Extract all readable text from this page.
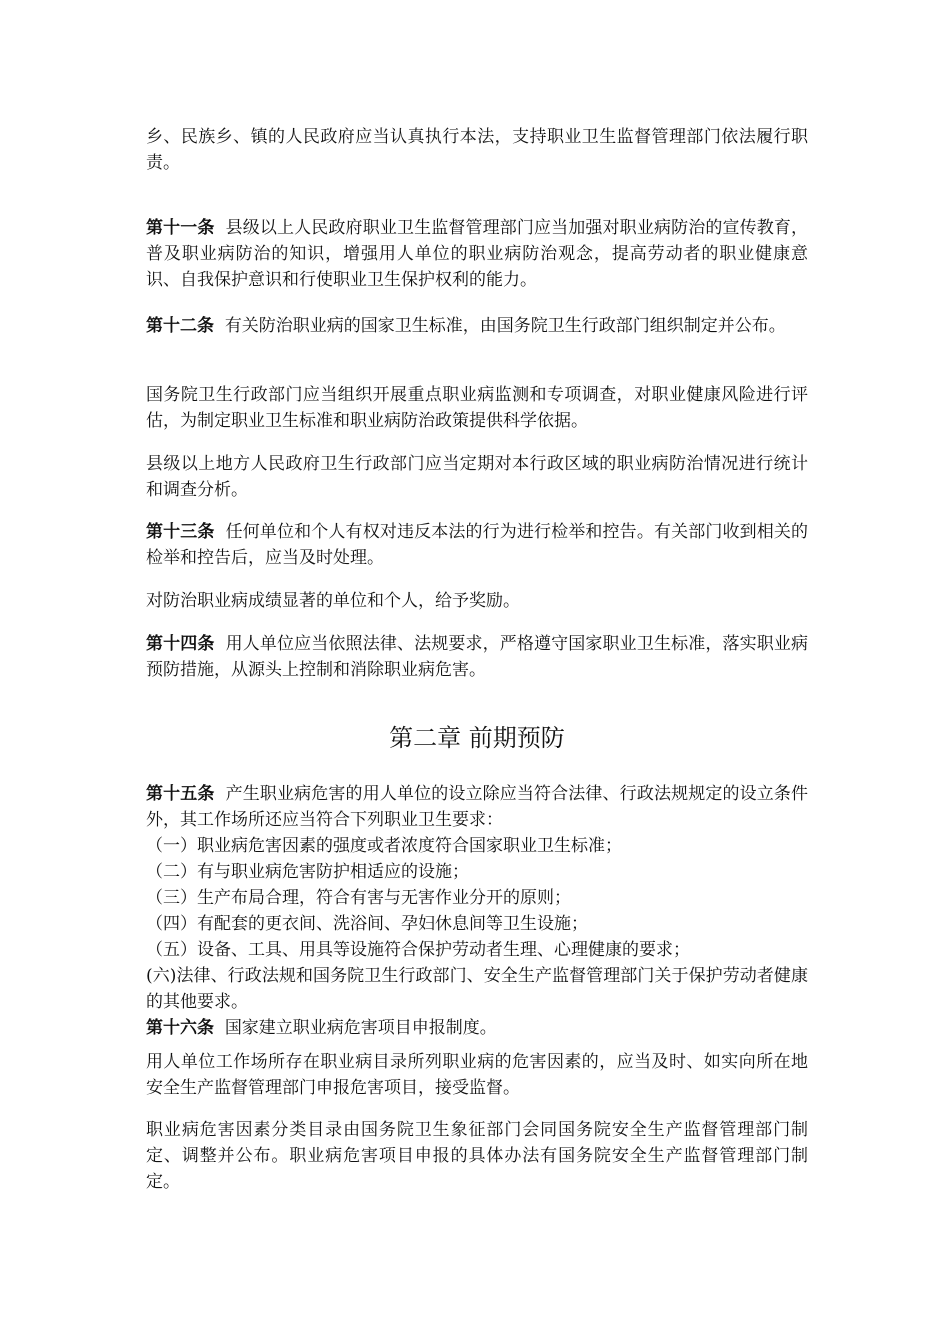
乡、民族乡、镇的人民政府应当认真执行本法，支持职业卫生监督管理部门依法履行职责。

第十一条 县级以上人民政府职业卫生监督管理部门应当加强对职业病防治的宣传教育，普及职业病防治的知识，增强用人单位的职业病防治观念，提高劳动者的职业健康意识、自我保护意识和行使职业卫生保护权利的能力。

第十二条 有关防治职业病的国家卫生标准，由国务院卫生行政部门组织制定并公布。

国务院卫生行政部门应当组织开展重点职业病监测和专项调查，对职业健康风险进行评估，为制定职业卫生标准和职业病防治政策提供科学依据。

县级以上地方人民政府卫生行政部门应当定期对本行政区域的职业病防治情况进行统计和调查分析。

第十三条 任何单位和个人有权对违反本法的行为进行检举和控告。有关部门收到相关的检举和控告后，应当及时处理。

对防治职业病成绩显著的单位和个人，给予奖励。

第十四条 用人单位应当依照法律、法规要求，严格遵守国家职业卫生标准，落实职业病预防措施，从源头上控制和消除职业病危害。

第二章 前期预防
第十五条 产生职业病危害的用人单位的设立除应当符合法律、行政法规规定的设立条件外，其工作场所还应当符合下列职业卫生要求：
（一）职业病危害因素的强度或者浓度符合国家职业卫生标准；
（二）有与职业病危害防护相适应的设施；
（三）生产布局合理，符合有害与无害作业分开的原则；
（四）有配套的更衣间、洗浴间、孕妇休息间等卫生设施；
（五）设备、工具、用具等设施符合保护劳动者生理、心理健康的要求；
(六)法律、行政法规和国务院卫生行政部门、安全生产监督管理部门关于保护劳动者健康的其他要求。
第十六条 国家建立职业病危害项目申报制度。

用人单位工作场所存在职业病目录所列职业病的危害因素的，应当及时、如实向所在地安全生产监督管理部门申报危害项目，接受监督。

职业病危害因素分类目录由国务院卫生象征部门会同国务院安全生产监督管理部门制定、调整并公布。职业病危害项目申报的具体办法有国务院安全生产监督管理部门制定。
